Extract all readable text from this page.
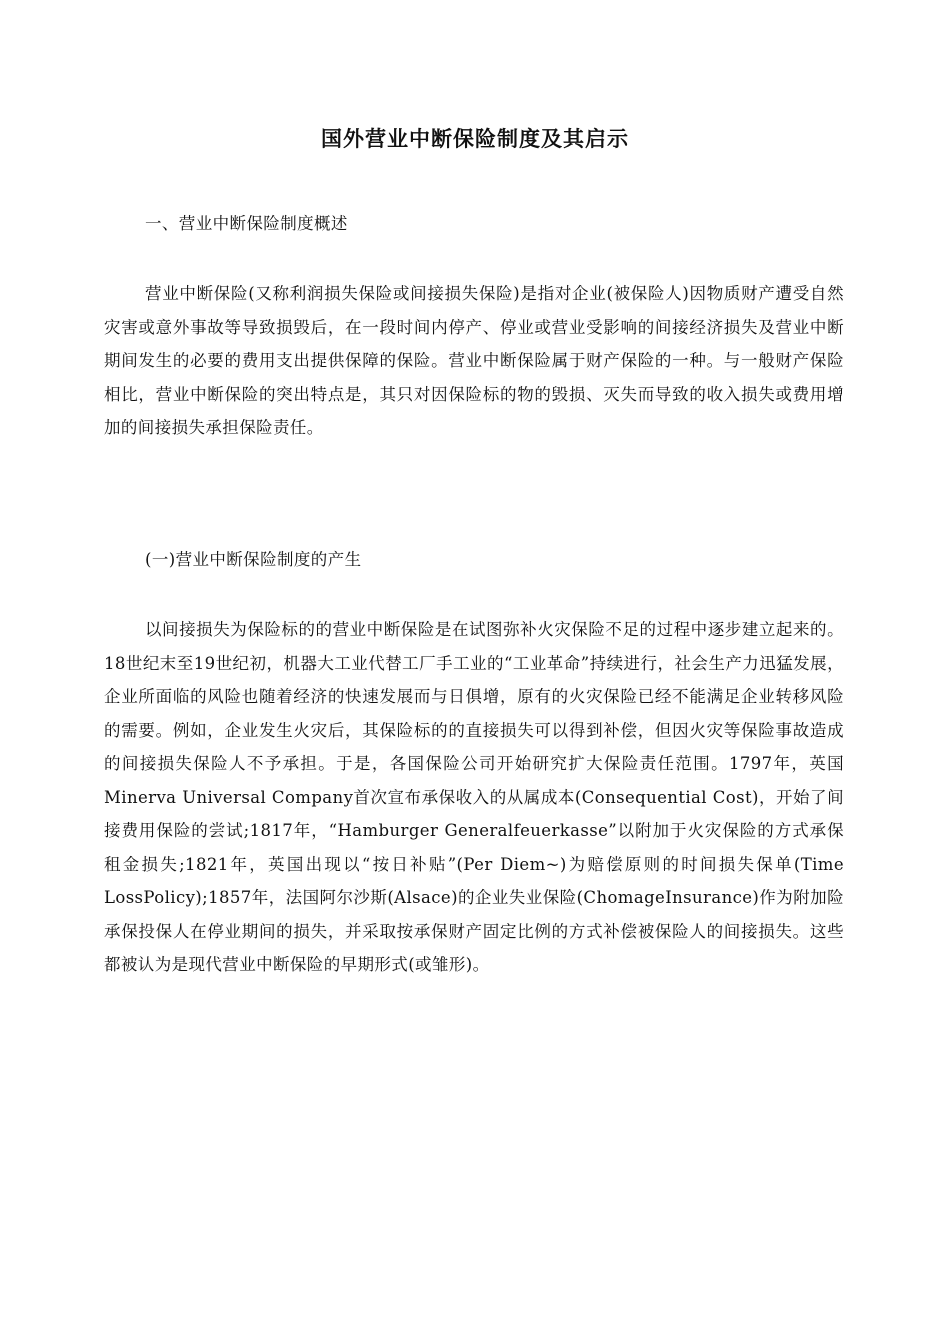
国外营业中断保险制度及其启示
一、营业中断保险制度概述
营业中断保险(又称利润损失保险或间接损失保险)是指对企业(被保险人)因物质财产遭受自然灾害或意外事故等导致损毁后，在一段时间内停产、停业或营业受影响的间接经济损失及营业中断期间发生的必要的费用支出提供保障的保险。营业中断保险属于财产保险的一种。与一般财产保险相比，营业中断保险的突出特点是，其只对因保险标的物的毁损、灭失而导致的收入损失或费用增加的间接损失承担保险责任。
(一)营业中断保险制度的产生
以间接损失为保险标的的营业中断保险是在试图弥补火灾保险不足的过程中逐步建立起来的。18世纪末至19世纪初，机器大工业代替工厂手工业的“工业革命”持续进行，社会生产力迅猛发展，企业所面临的风险也随着经济的快速发展而与日俱增，原有的火灾保险已经不能满足企业转移风险的需要。例如，企业发生火灾后，其保险标的的直接损失可以得到补偿，但因火灾等保险事故造成的间接损失保险人不予承担。于是，各国保险公司开始研究扩大保险责任范围。1797年，英国Minerva Universal Company首次宣布承保收入的从属成本(Consequential Cost)，开始了间接费用保险的尝试;1817年，“Hamburger Generalfeuerkasse”以附加于火灾保险的方式承保租金损失;1821年，英国出现以“按日补贴”(Per Diem~)为赔偿原则的时间损失保单(Time LossPolicy);1857年，法国阿尔沙斯(Alsace)的企业失业保险(ChomageInsurance)作为附加险承保投保人在停业期间的损失，并采取按承保财产固定比例的方式补偿被保险人的间接损失。这些都被认为是现代营业中断保险的早期形式(或雏形)。
